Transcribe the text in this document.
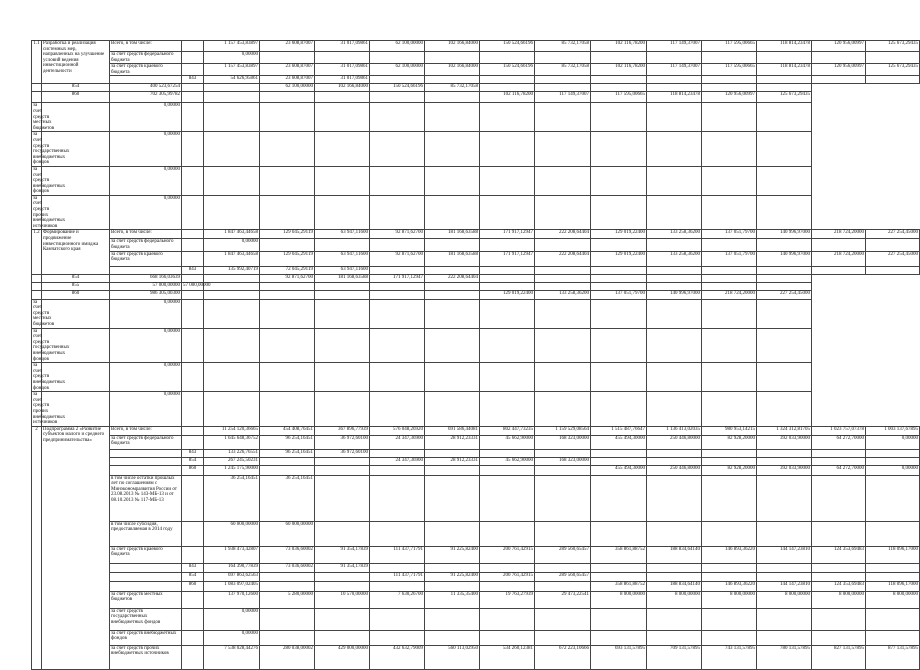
1.1	Разработка и реализация системных мер, направленных на улучшение условий ведения инвестиционной деятельности	Всего, в том числе:		1 157 453,83897	23 608,87007	31 017,09861	62 100,00000	102 166,84000	150 524,66196	85 732,17058	102 116,78200	117 149,37007	117 595,00665	118 814,23478	120 956,00997	125 673,29435
		за счет средств федерального бюджета		0,00000												
		за счет средств краевого бюджета		1 157 453,83897	23 608,87007	31 017,09861	62 100,00000	102 166,84000	150 524,66196	85 732,17058	102 116,78200	117 149,37007	117 595,00665	118 814,23478	120 956,00997	125 673,29435
			843	54 626,95861	23 608,87007	31 017,09861										
	854	400 523,67254			62 100,00000	102 166,84000	150 524,66196	85 732,17058								
	860	702 305,99782							102 116,78200	117 149,37007	117 595,00665	118 814,23478	120 956,00997	125 673,29435		
за счет средств местных бюджетов		0,00000														
за счет средств государственных внебюджетных фондов		0,00000														
за счет средств внебюджетных фондов		0,00000														
за счет средств прочих внебюджетных источников		0,00000														
1.2	Формирование и продвижение инвестиционного имиджа Камчатского края	Всего, в том числе:		1 847 463,44658	129 045,29119	63 947,11600	92 871,62700	181 168,63588	171 917,12947	222 208,64404	129 019,22400	133 258,36200	137 051,79700	140 996,97000	218 724,20000	227 254,45000
		за счет средств федерального бюджета		0,00000												
		за счет средств краевого бюджета		1 847 463,44658	129 045,29119	63 947,11600	92 871,62700	181 168,63588	171 917,12947	222 208,64404	129 019,22400	133 258,36200	137 051,79700	140 996,97000	218 724,20000	227 254,45000
			843	135 992,40719	72 045,29119	63 947,11600										
	854	668 166,03639			92 871,62700	181 168,63588	171 917,12947	222 208,64404								
	855	57 000,00000	57 000,00000													
	860	986 305,00300							129 019,22400	133 258,36200	137 051,79700	140 996,97000	218 724,20000	227 254,45000		
за счет средств местных бюджетов		0,00000														
за счет средств государственных внебюджетных фондов		0,00000														
за счет средств внебюджетных фондов		0,00000														
за счет средств прочих внебюджетных источников		0,00000														
2	Подпрограмма 2 «Развитие субъектов малого и среднего предпринимательства»	Всего, в том числе:		11 254 120,36665	454 408,76451	367 896,77939	576 048,26920	691 586,44081	802 447,73235	1 159 529,08564	1 515 487,76647	1 136 413,02035	980 953,14215	1 324 312,81705	1 023 757,07378	1 003 137,67895
		за счет средств федерального бюджета		1 645 648,36752	96 254,16451	36 972,60100	24 347,36900	28 912,23331	45 662,90000	168 323,00000	455 494,30000	250 446,80000	82 928,20000	392 033,90000	64 272,70000	0,00000
			843	133 226,76551	96 254,16451	36 972,60100										
			854	267 245,50231			24 347,36900	28 912,23331	45 662,90000	168 323,00000						
			860	1 245 175,90000							455 494,30000	250 446,80000	82 928,20000	392 033,90000	64 272,70000	0,00000
		в том числе остатки прошлых лет по соглашениям с Минэкономразвития России от 23.08.2013 № 143-МБ-13 и от 08.10.2013 № 117-МБ-13		36 254,16451	36 254,16451											
		в том числе субсидия, предоставляемая в 2014 году		60 000,00000	60 000,00000											
		за счет средств краевого бюджета		1 938 473,42807	73 036,60002	91 354,17839	111 437,71791	91 225,82400	200 761,42915	289 560,65457	358 861,88752	188 834,64140	146 893,36220	144 147,23810	124 353,69483	118 096,17000
			843	164 390,77839	73 036,60002	91 354,17839										
			854	697 863,62563			111 437,71791	91 225,82400	200 761,42915	289 560,65457						
			860	1 083 097,02405							358 861,88752	188 834,64140	146 893,36220	144 147,23810	124 353,69483	118 096,17000
		за счет средств местных бюджетов		137 970,12600	5 280,00000	10 570,00000	7 630,26700	11 335,35400	19 763,27939	29 473,22541	8 000,00000	8 000,00000	8 000,00000	8 000,00000	8 000,00000	8 000,00000
		за счет средств государственных внебюджетных фондов		0,00000												
		за счет средств внебюджетных фондов		0,00000												
		за счет средств прочих внебюджетных источников		7 538 028,44276	280 038,00002	429 000,00000	432 632,79009	560 113,02950	534 260,12381	672 223,10666	693 131,57895	709 131,57895	743 131,57895	780 131,57895	827 131,57895	877 131,57895
